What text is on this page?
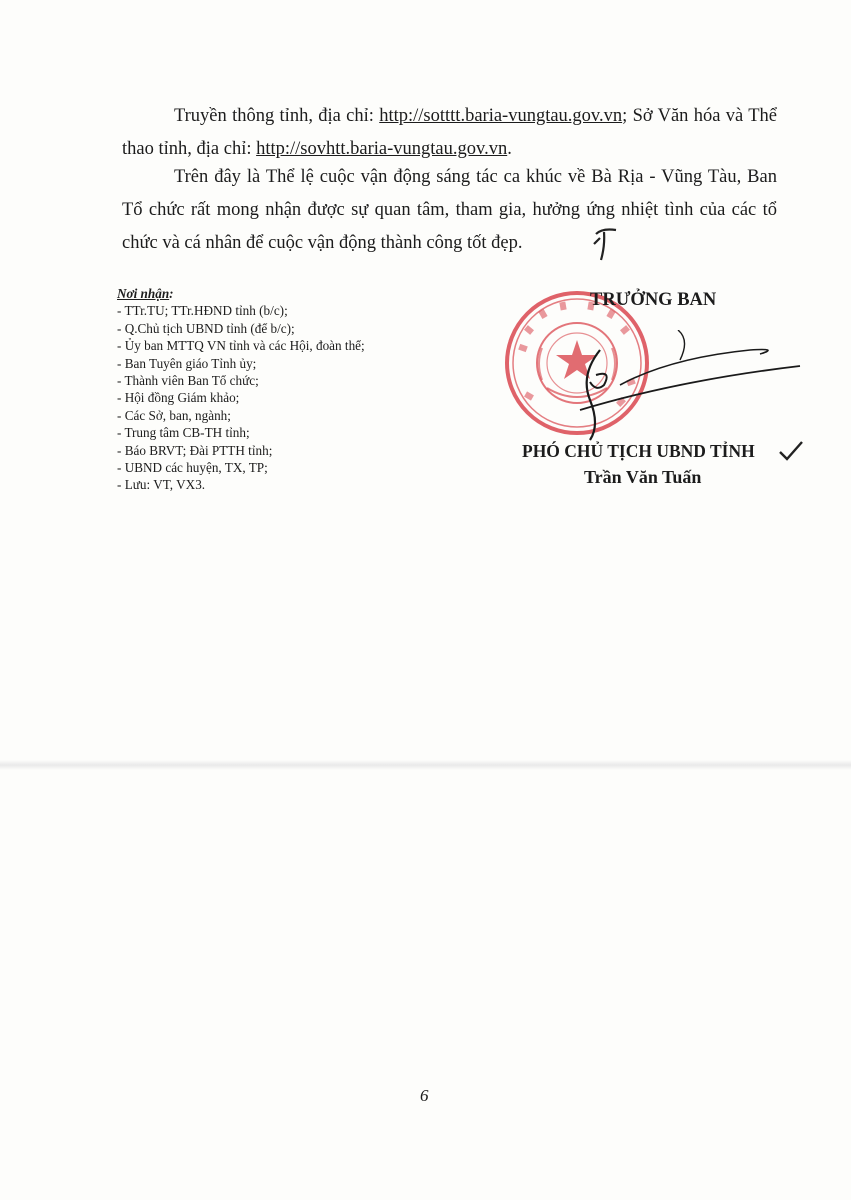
Truyền thông tỉnh, địa chỉ: http://sotttt.baria-vungtau.gov.vn; Sở Văn hóa và Thể thao tỉnh, địa chỉ: http://sovhtt.baria-vungtau.gov.vn.

Trên đây là Thể lệ cuộc vận động sáng tác ca khúc về Bà Rịa - Vũng Tàu, Ban Tổ chức rất mong nhận được sự quan tâm, tham gia, hưởng ứng nhiệt tình của các tổ chức và cá nhân để cuộc vận động thành công tốt đẹp.

Nơi nhận:
- TTr.TU; TTr.HĐND tỉnh (b/c);
- Q.Chủ tịch UBND tỉnh (để b/c);
- Ủy ban MTTQ VN tỉnh và các Hội, đoàn thể;
- Ban Tuyên giáo Tỉnh ủy;
- Thành viên Ban Tổ chức;
- Hội đồng Giám khảo;
- Các Sở, ban, ngành;
- Trung tâm CB-TH tỉnh;
- Báo BRVT; Đài PTTH tỉnh;
- UBND các huyện, TX, TP;
- Lưu: VT, VX3.
TRƯỞNG BAN
PHÓ CHỦ TỊCH UBND TỈNH
Trần Văn Tuấn
6
